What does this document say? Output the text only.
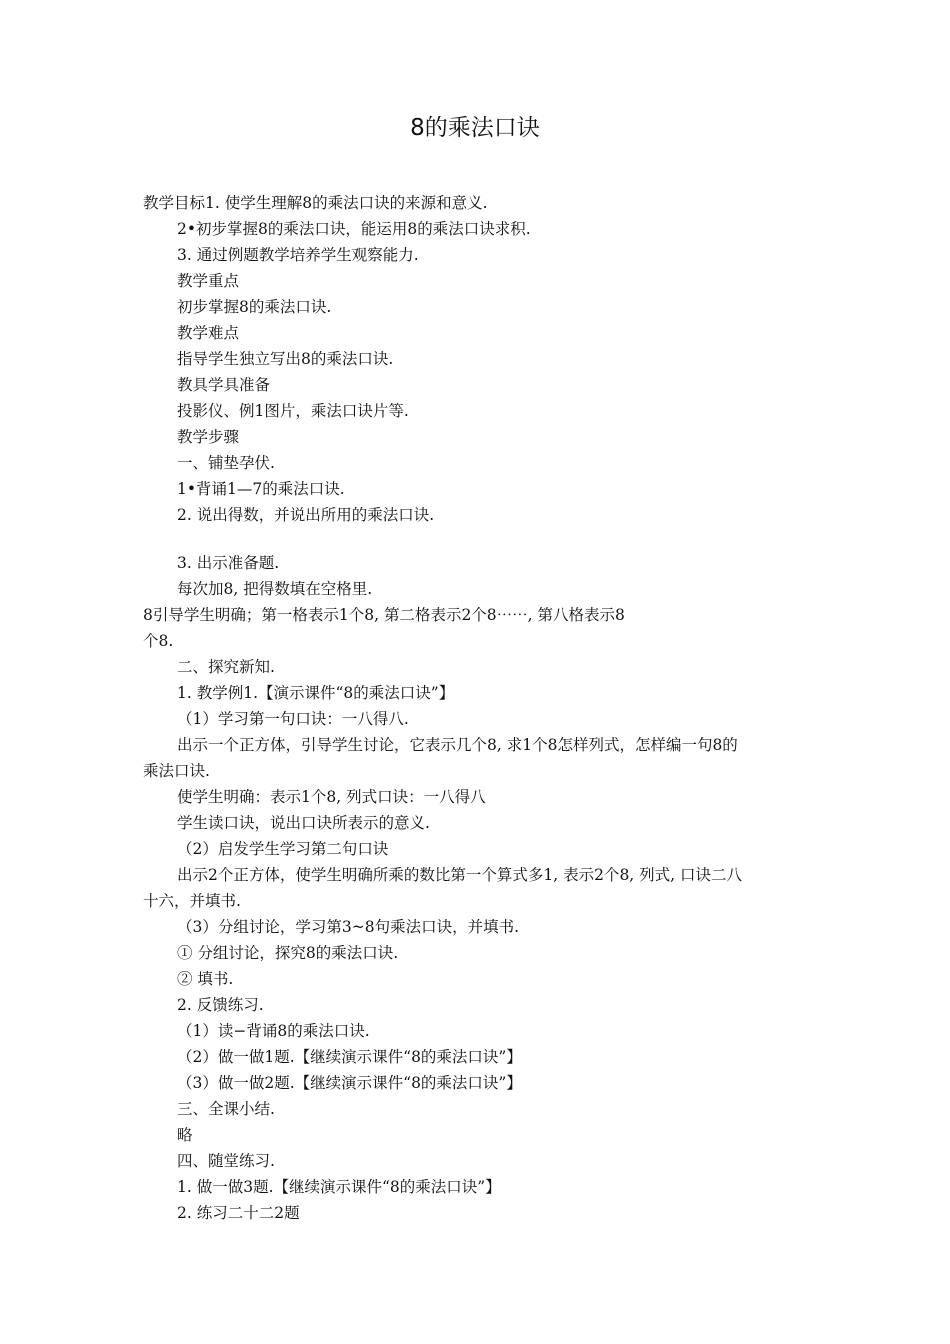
8的乘法口诀
教学目标1. 使学生理解8的乘法口诀的来源和意义.
2•初步掌握8的乘法口诀，能运用8的乘法口诀求积.
3. 通过例题教学培养学生观察能力.
教学重点
初步掌握8的乘法口诀.
教学难点
指导学生独立写出8的乘法口诀.
教具学具准备
投影仪、例1图片，乘法口诀片等.
教学步骤
一、铺垫孕伏.
1•背诵1—7的乘法口诀.
2. 说出得数，并说出所用的乘法口诀.
3. 出示准备题.
每次加8, 把得数填在空格里.
8引导学生明确；第一格表示1个8, 第二格表示2个8⋯⋯, 第八格表示8
个8.
二、探究新知.
1. 教学例1.【演示课件“8的乘法口诀”】
（1）学习第一句口诀：一八得八.
出示一个正方体，引导学生讨论，它表示几个8, 求1个8怎样列式，怎样编一句8的
乘法口诀.
使学生明确：表示1个8, 列式口诀：一八得八
学生读口诀，说出口诀所表示的意义.
（2）启发学生学习第二句口诀
出示2个正方体，使学生明确所乘的数比第一个算式多1, 表示2个8, 列式, 口诀二八
十六，并填书.
（3）分组讨论，学习第3~8句乘法口诀，并填书.
① 分组讨论，探究8的乘法口诀.
② 填书.
2. 反馈练习.
（1）读−背诵8的乘法口诀.
（2）做一做1题.【继续演示课件“8的乘法口诀”】
（3）做一做2题.【继续演示课件“8的乘法口诀”】
三、全课小结.
略
四、随堂练习.
1. 做一做3题.【继续演示课件“8的乘法口诀”】
2. 练习二十二2题
